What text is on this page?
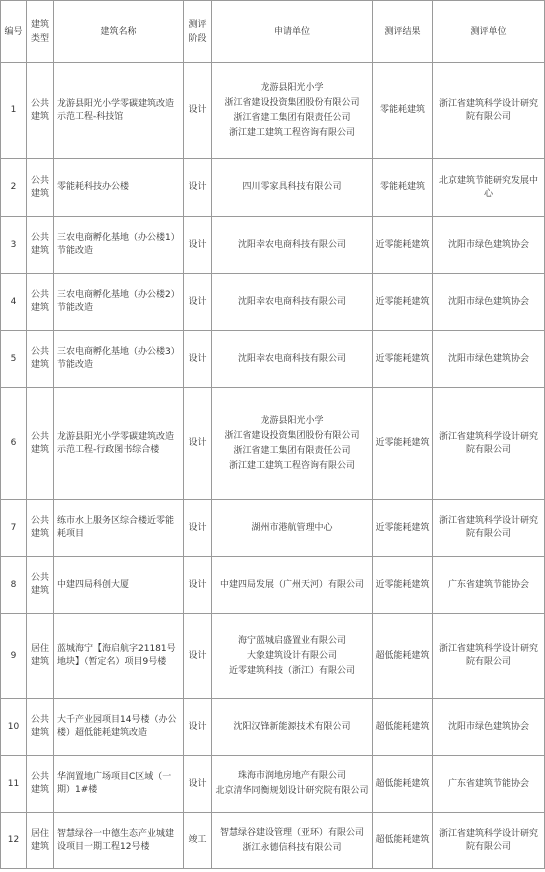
编号	建筑类型	建筑名称	测评阶段	申请单位	测评结果	测评单位
1	公共建筑	龙游县阳光小学零碳建筑改造示范工程-科技馆	设计	龙游县阳光小学
浙江省建设投资集团股份有限公司
浙江省建工集团有限责任公司
浙江建工建筑工程咨询有限公司	零能耗建筑	浙江省建筑科学设计研究院有限公司
2	公共建筑	零能耗科技办公楼	设计	四川零家具科技有限公司	零能耗建筑	北京建筑节能研究发展中心
3	公共建筑	三农电商孵化基地（办公楼1）节能改造	设计	沈阳幸农电商科技有限公司	近零能耗建筑	沈阳市绿色建筑协会
4	公共建筑	三农电商孵化基地（办公楼2）节能改造	设计	沈阳幸农电商科技有限公司	近零能耗建筑	沈阳市绿色建筑协会
5	公共建筑	三农电商孵化基地（办公楼3）节能改造	设计	沈阳幸农电商科技有限公司	近零能耗建筑	沈阳市绿色建筑协会
6	公共建筑	龙游县阳光小学零碳建筑改造示范工程-行政图书综合楼	设计	龙游县阳光小学
浙江省建设投资集团股份有限公司
浙江省建工集团有限责任公司
浙江建工建筑工程咨询有限公司	近零能耗建筑	浙江省建筑科学设计研究院有限公司
7	公共建筑	练市水上服务区综合楼近零能耗项目	设计	湖州市港航管理中心	近零能耗建筑	浙江省建筑科学设计研究院有限公司
8	公共建筑	中建四局科创大厦	设计	中建四局发展（广州天河）有限公司	近零能耗建筑	广东省建筑节能协会
9	居住建筑	蓝城海宁【海启航字21181号地块】（暂定名）项目9号楼	设计	海宁蓝城启盛置业有限公司
大象建筑设计有限公司
近零建筑科技（浙江）有限公司	超低能耗建筑	浙江省建筑科学设计研究院有限公司
10	公共建筑	大千产业园项目14号楼（办公楼）超低能耗建筑改造	设计	沈阳汉锋新能源技术有限公司	超低能耗建筑	沈阳市绿色建筑协会
11	公共建筑	华润置地广场项目C区域（一期）1#楼	设计	珠海市润地房地产有限公司
北京清华同衡规划设计研究院有限公司	超低能耗建筑	广东省建筑节能协会
12	居住建筑	智慧绿谷一中德生态产业城建设项目一期工程12号楼	竣工	智慧绿谷建设管理（亚环）有限公司
浙江永德信科技有限公司	超低能耗建筑	浙江省建筑科学设计研究院有限公司
